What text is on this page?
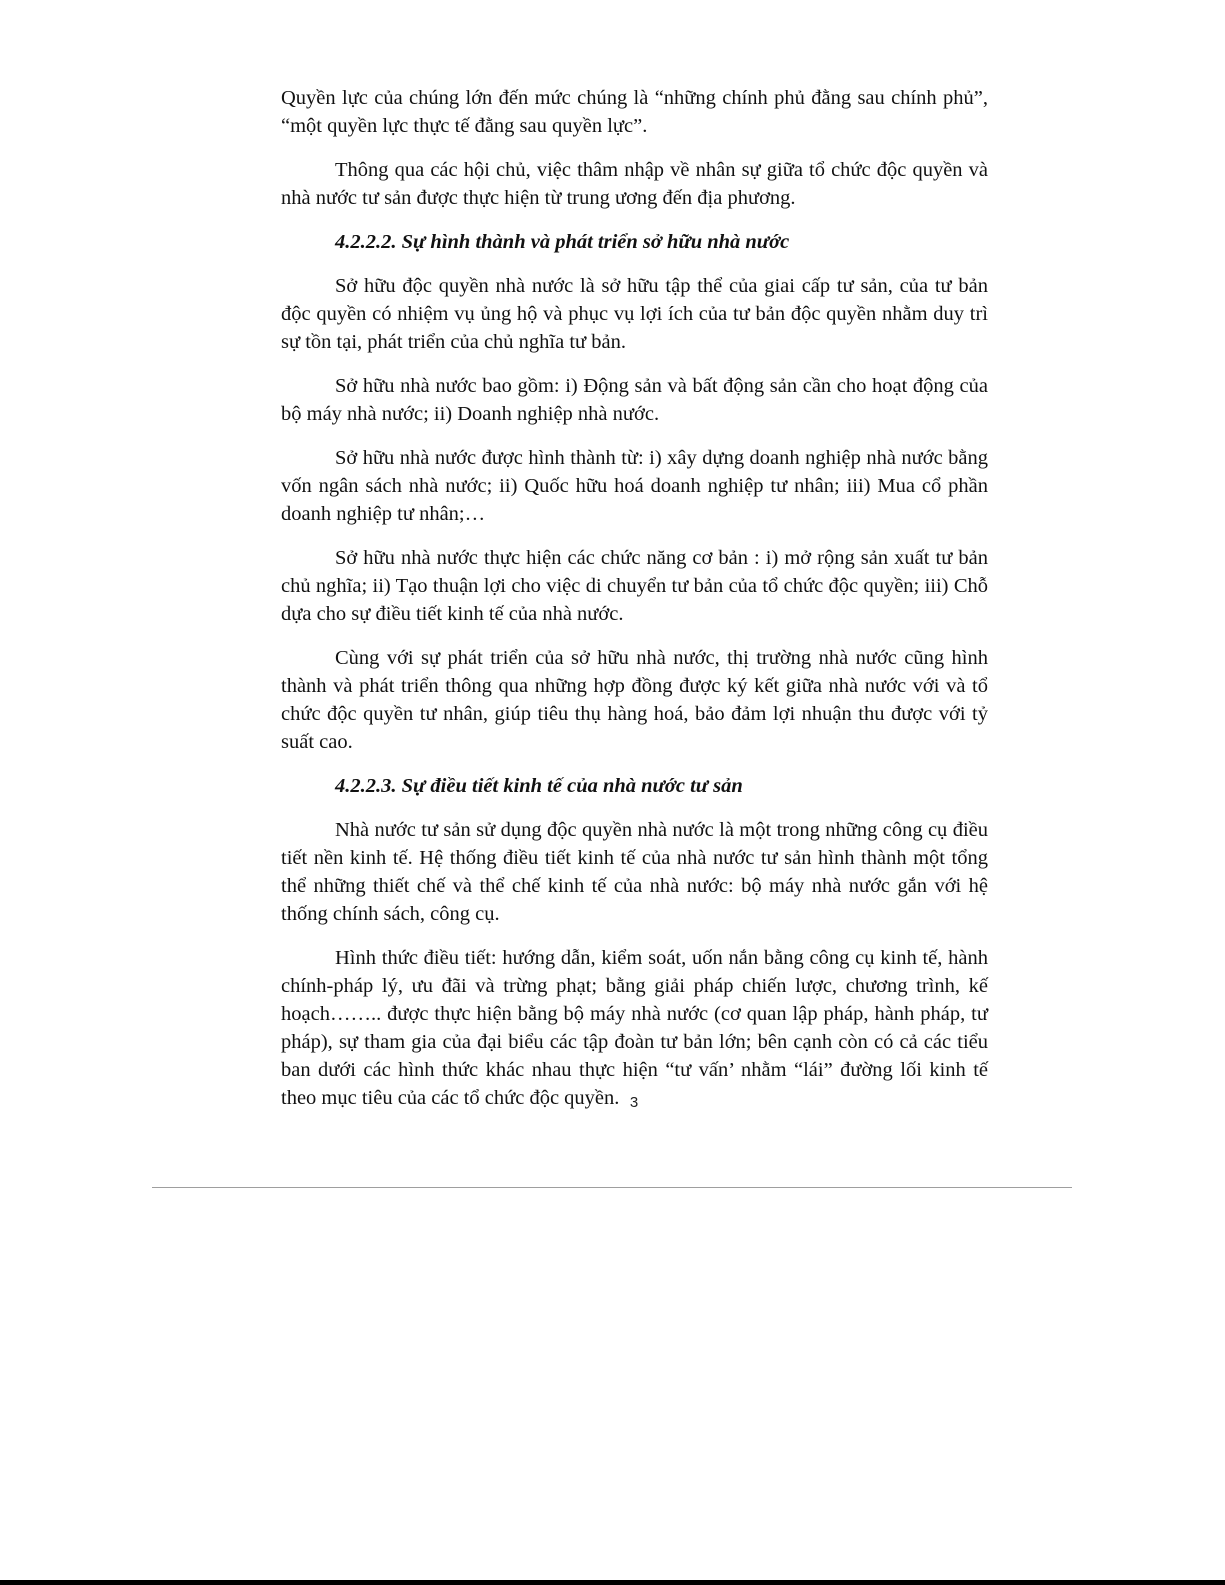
Quyền lực của chúng lớn đến mức chúng là “những chính phủ đằng sau chính phủ”, “một quyền lực thực tế đằng sau quyền lực”.

Thông qua các hội chủ, việc thâm nhập về nhân sự giữa tổ chức độc quyền và nhà nước tư sản được thực hiện từ trung ương đến địa phương.

4.2.2.2. Sự hình thành và phát triển sở hữu nhà nước

Sở hữu độc quyền nhà nước là sở hữu tập thể của giai cấp tư sản, của tư bản độc quyền có nhiệm vụ ủng hộ và phục vụ lợi ích của tư bản độc quyền nhằm duy trì sự tồn tại, phát triển của chủ nghĩa tư bản.

Sở hữu nhà nước bao gồm: i) Động sản và bất động sản cần cho hoạt động của bộ máy nhà nước; ii) Doanh nghiệp nhà nước.

Sở hữu nhà nước được hình thành từ: i) xây dựng doanh nghiệp nhà nước bằng vốn ngân sách nhà nước; ii) Quốc hữu hoá doanh nghiệp tư nhân; iii) Mua cổ phần doanh nghiệp tư nhân;…

Sở hữu nhà nước thực hiện các chức năng cơ bản : i) mở rộng sản xuất tư bản chủ nghĩa; ii) Tạo thuận lợi cho việc di chuyển tư bản của tổ chức độc quyền; iii) Chỗ dựa cho sự điều tiết kinh tế của nhà nước.

Cùng với sự phát triển của sở hữu nhà nước, thị trường nhà nước cũng hình thành và phát triển thông qua những hợp đồng được ký kết giữa nhà nước với và tổ chức độc quyền tư nhân, giúp tiêu thụ hàng hoá, bảo đảm lợi nhuận thu được với tỷ suất cao.

4.2.2.3. Sự điều tiết kinh tế của nhà nước tư sản

Nhà nước tư sản sử dụng độc quyền nhà nước là một trong những công cụ điều tiết nền kinh tế. Hệ thống điều tiết kinh tế của nhà nước tư sản hình thành một tổng thể những thiết chế và thể chế kinh tế của nhà nước: bộ máy nhà nước gắn với hệ thống chính sách, công cụ.

Hình thức điều tiết: hướng dẫn, kiểm soát, uốn nắn bằng công cụ kinh tế, hành chính-pháp lý, ưu đãi và trừng phạt; bằng giải pháp chiến lược, chương trình, kế hoạch…….. được thực hiện bằng bộ máy nhà nước (cơ quan lập pháp, hành pháp, tư pháp), sự tham gia của đại biểu các tập đoàn tư bản lớn; bên cạnh còn có cả các tiểu ban dưới các hình thức khác nhau thực hiện “tư vấn’ nhằm “lái” đường lối kinh tế theo mục tiêu của các tổ chức độc quyền. 3
